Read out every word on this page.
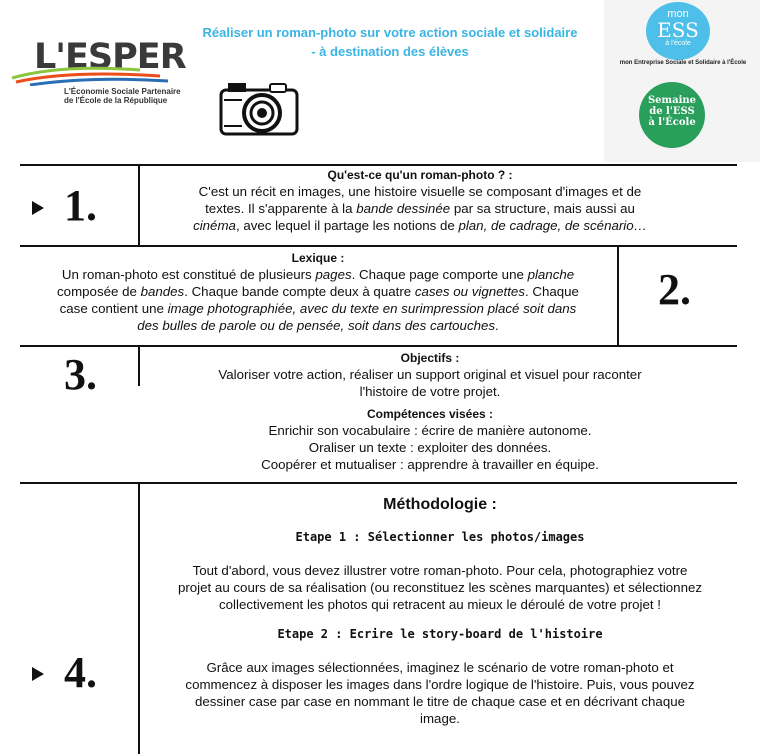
L'ESPER
L'Économie Sociale Partenaire
de l'École de la République
Réaliser un roman-photo sur votre action sociale et solidaire
- à destination des élèves
mon
ESS
à l'école
mon Entreprise Sociale et Solidaire à l'École
Semaine
de l'ESS
à l'École
1.
Qu'est-ce qu'un roman-photo ? :
C'est un récit en images, une histoire visuelle se composant d'images et de
textes. Il s'apparente à la bande dessinée par sa structure, mais aussi au
cinéma, avec lequel il partage les notions de plan, de cadrage, de scénario…
Lexique :
Un roman-photo est constitué de plusieurs pages. Chaque page comporte une planche
composée de bandes. Chaque bande compte deux à quatre cases ou vignettes. Chaque
case contient une image photographiée, avec du texte en surimpression placé soit dans
des bulles de parole ou de pensée, soit dans des cartouches.
2.
3.	Objectifs :
Valoriser votre action, réaliser un support original et visuel pour raconter
l'histoire de votre projet.
Compétences visées :
Enrichir son vocabulaire : écrire de manière autonome.
Oraliser un texte : exploiter des données.
Coopérer et mutualiser : apprendre à travailler en équipe.
4.
Méthodologie :
Etape 1 : Sélectionner les photos/images
Tout d'abord, vous devez illustrer votre roman-photo. Pour cela, photographiez votre
projet au cours de sa réalisation (ou reconstituez les scènes marquantes) et sélectionnez
collectivement les photos qui retracent au mieux le déroulé de votre projet !
Etape 2 : Ecrire le story-board de l'histoire
Grâce aux images sélectionnées, imaginez le scénario de votre roman-photo et
commencez à disposer les images dans l'ordre logique de l'histoire. Puis, vous pouvez
dessiner case par case en nommant le titre de chaque case et en décrivant chaque
image.
